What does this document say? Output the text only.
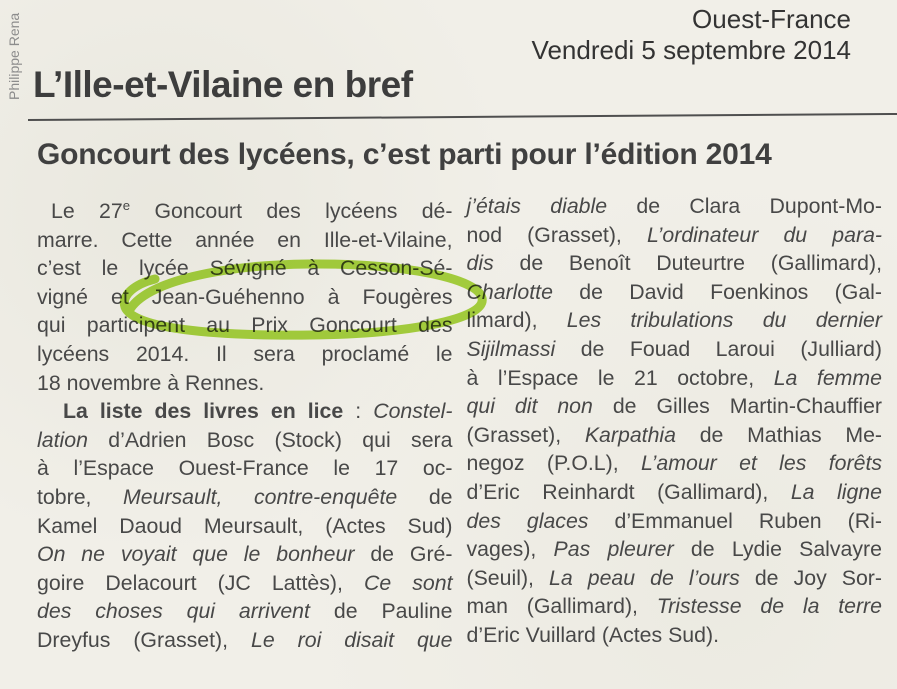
Philippe Rena	Ouest-France
Vendredi 5 septembre 2014
L’Ille-et-Vilaine en bref
Goncourt des lycéens, c’est parti pour l’édition 2014
Le 27e Goncourt des lycéens dé-
marre. Cette année en Ille-et-Vilaine,
c’est le lycée Sévigné à Cesson-Sé-
vigné et Jean-Guéhenno à Fougères
qui participent au Prix Goncourt des
lycéens 2014. Il sera proclamé le
18 novembre à Rennes.
La liste des livres en lice : Constel-
lation d’Adrien Bosc (Stock) qui sera
à l’Espace Ouest-France le 17 oc-
tobre, Meursault, contre-enquête de
Kamel Daoud Meursault, (Actes Sud)
On ne voyait que le bonheur de Gré-
goire Delacourt (JC Lattès), Ce sont
des choses qui arrivent de Pauline
Dreyfus (Grasset), Le roi disait que
j’étais diable de Clara Dupont-Mo-
nod (Grasset), L’ordinateur du para-
dis de Benoît Duteurtre (Gallimard),
Charlotte de David Foenkinos (Gal-
limard), Les tribulations du dernier
Sijilmassi de Fouad Laroui (Julliard)
à l’Espace le 21 octobre, La femme
qui dit non de Gilles Martin-Chauffier
(Grasset), Karpathia de Mathias Me-
negoz (P.O.L), L’amour et les forêts
d’Eric Reinhardt (Gallimard), La ligne
des glaces d’Emmanuel Ruben (Ri-
vages), Pas pleurer de Lydie Salvayre
(Seuil), La peau de l’ours de Joy Sor-
man (Gallimard), Tristesse de la terre
d’Eric Vuillard (Actes Sud).
